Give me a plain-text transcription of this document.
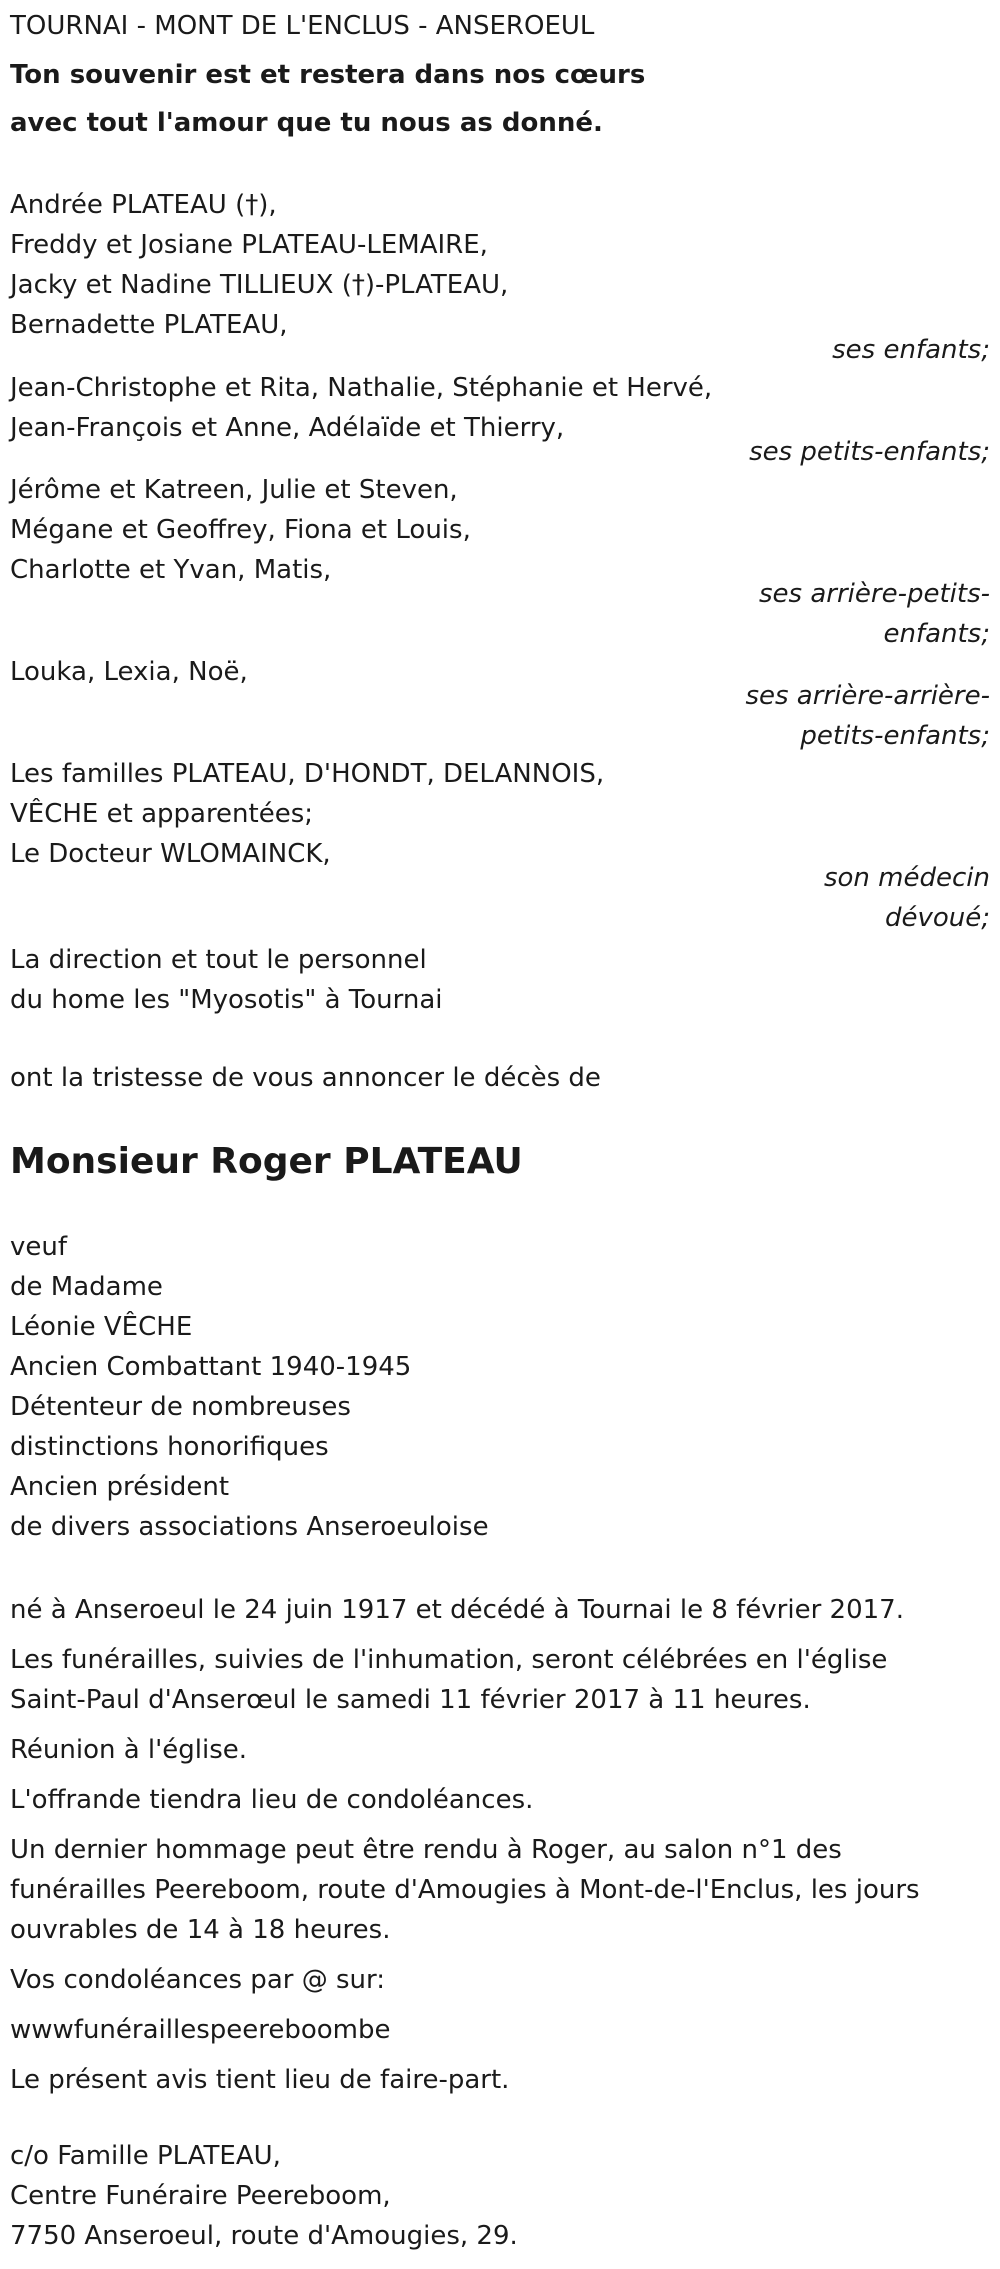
TOURNAI - MONT DE L'ENCLUS - ANSEROEUL
Ton souvenir est et restera dans nos cœurs
avec tout l'amour que tu nous as donné.
Andrée PLATEAU (†),
Freddy et Josiane PLATEAU-LEMAIRE,
Jacky et Nadine TILLIEUX (†)-PLATEAU,
Bernadette PLATEAU,
ses enfants;
Jean-Christophe et Rita, Nathalie, Stéphanie et Hervé,
Jean-François et Anne, Adélaïde et Thierry,
ses petits-enfants;
Jérôme et Katreen, Julie et Steven,
Mégane et Geoffrey, Fiona et Louis,
Charlotte et Yvan, Matis,
ses arrière-petits-
enfants;
Louka, Lexia, Noë,
ses arrière-arrière-
petits-enfants;
Les familles PLATEAU, D'HONDT, DELANNOIS,
VÊCHE et apparentées;
Le Docteur WLOMAINCK,
son médecin
dévoué;
La direction et tout le personnel
du home les "Myosotis" à Tournai
ont la tristesse de vous annoncer le décès de
Monsieur Roger PLATEAU
veuf
de Madame
Léonie VÊCHE
Ancien Combattant 1940-1945
Détenteur de nombreuses
distinctions honorifiques
Ancien président
de divers associations Anseroeuloise
né à Anseroeul le 24 juin 1917 et décédé à Tournai le 8 février 2017.
Les funérailles, suivies de l'inhumation, seront célébrées en l'église
Saint-Paul d'Anserœul le samedi 11 février 2017 à 11 heures.
Réunion à l'église.
L'offrande tiendra lieu de condoléances.
Un dernier hommage peut être rendu à Roger, au salon n°1 des
funérailles Peereboom, route d'Amougies à Mont-de-l'Enclus, les jours
ouvrables de 14 à 18 heures.
Vos condoléances par @ sur:
wwwfunéraillespeereboombe
Le présent avis tient lieu de faire-part.
c/o Famille PLATEAU,
Centre Funéraire Peereboom,
7750 Anseroeul, route d'Amougies, 29.
